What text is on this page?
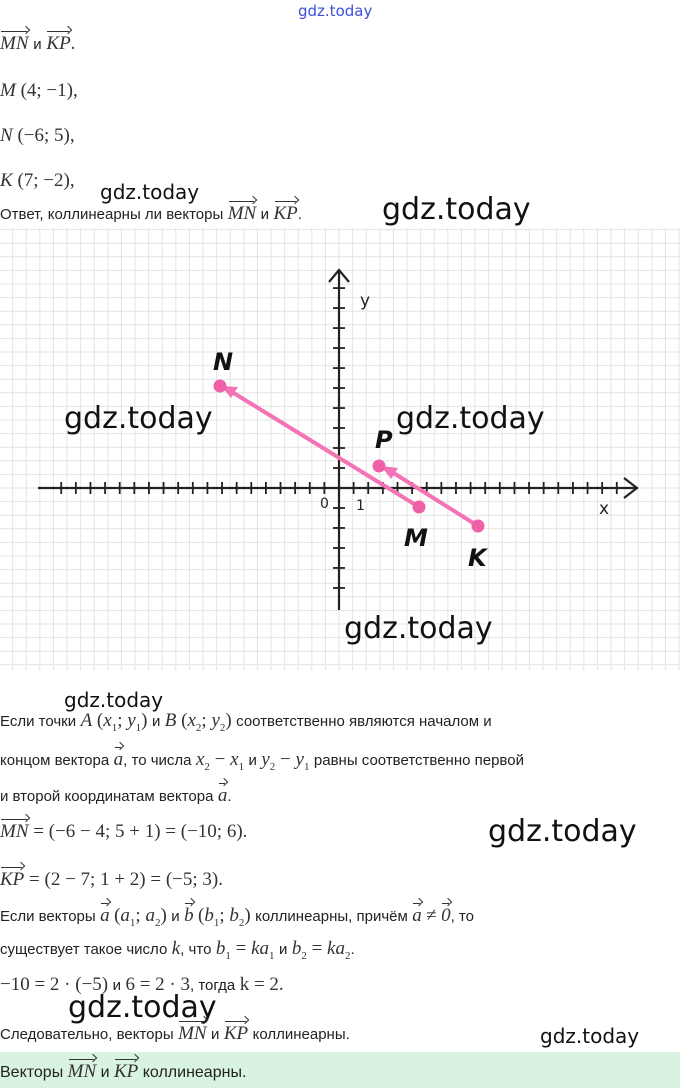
gdz.today
MN и KP.
M (4; −1),
N (−6; 5),
K (7; −2), gdz.today
Ответ, коллинеарны ли векторы MN и KP.	gdz.today
x
y
0 1
N
P
M
K
gdz.today	gdz.today
gdz.today
gdz.today
Если точки A ($x_1$; $y_1$) и B ($x_2$; $y_2$) соответственно являются началом и
концом вектора a, то числа $x_2 - x_1$ и $y_2 - y_1$ равны соответственно первой
и второй координатам вектора a.
MN = (−6 − 4; 5 + 1) = (−10; 6).	gdz.today
KP = (2 − 7; 1 + 2) = (−5; 3).
Если векторы a ($a_1$; $a_2$) и b ($b_1$; $b_2$) коллинеарны, причём a ≠ 0, то
существует такое число k, что $b_1 = ka_1$ и $b_2 = ka_2$.
−10 = 2 · (−5) и 6 = 2 · 3, тогда k = 2.
gdz.today
Следовательно, векторы MN и KP коллинеарны.	gdz.today
Векторы MN и KP коллинеарны.
